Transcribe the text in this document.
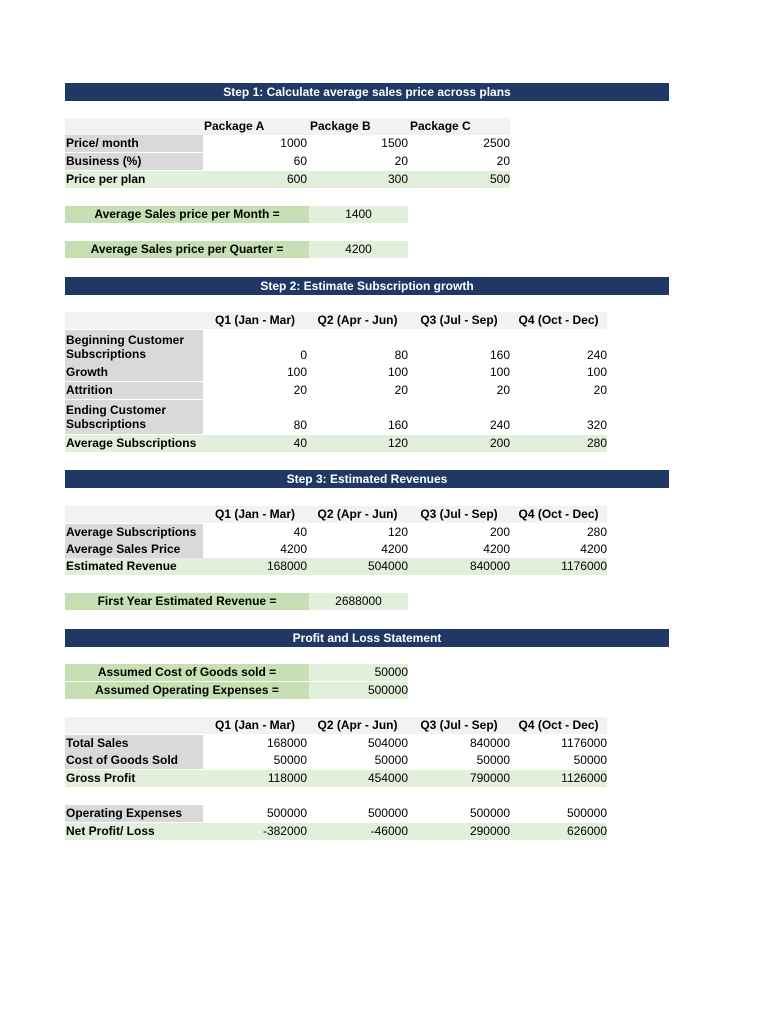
Step 1: Calculate average sales price across plans
Package A	Package B	Package C
Price/ month	1000	1500	2500
Business (%)	60	20	20
Price per plan	600	300	500
Average Sales price per Month =	1400
Average Sales price per Quarter =	4200
Step 2: Estimate Subscription growth
Q1 (Jan - Mar)	Q2 (Apr - Jun)	Q3 (Jul - Sep)	Q4 (Oct - Dec)
Beginning Customer
Subscriptions	0	80	160	240
Growth	100	100	100	100
Attrition	20	20	20	20
Ending Customer
Subscriptions	80	160	240	320
Average Subscriptions	40	120	200	280
Step 3: Estimated Revenues
Q1 (Jan - Mar)	Q2 (Apr - Jun)	Q3 (Jul - Sep)	Q4 (Oct - Dec)
Average Subscriptions	40	120	200	280
Average Sales Price	4200	4200	4200	4200
Estimated Revenue	168000	504000	840000	1176000
First Year Estimated Revenue =	2688000
Profit and Loss Statement
Assumed Cost of Goods sold =	50000
Assumed Operating Expenses =	500000
Q1 (Jan - Mar)	Q2 (Apr - Jun)	Q3 (Jul - Sep)	Q4 (Oct - Dec)
Total Sales	168000	504000	840000	1176000
Cost of Goods Sold	50000	50000	50000	50000
Gross Profit	118000	454000	790000	1126000
Operating Expenses	500000	500000	500000	500000
Net Profit/ Loss	-382000	-46000	290000	626000
